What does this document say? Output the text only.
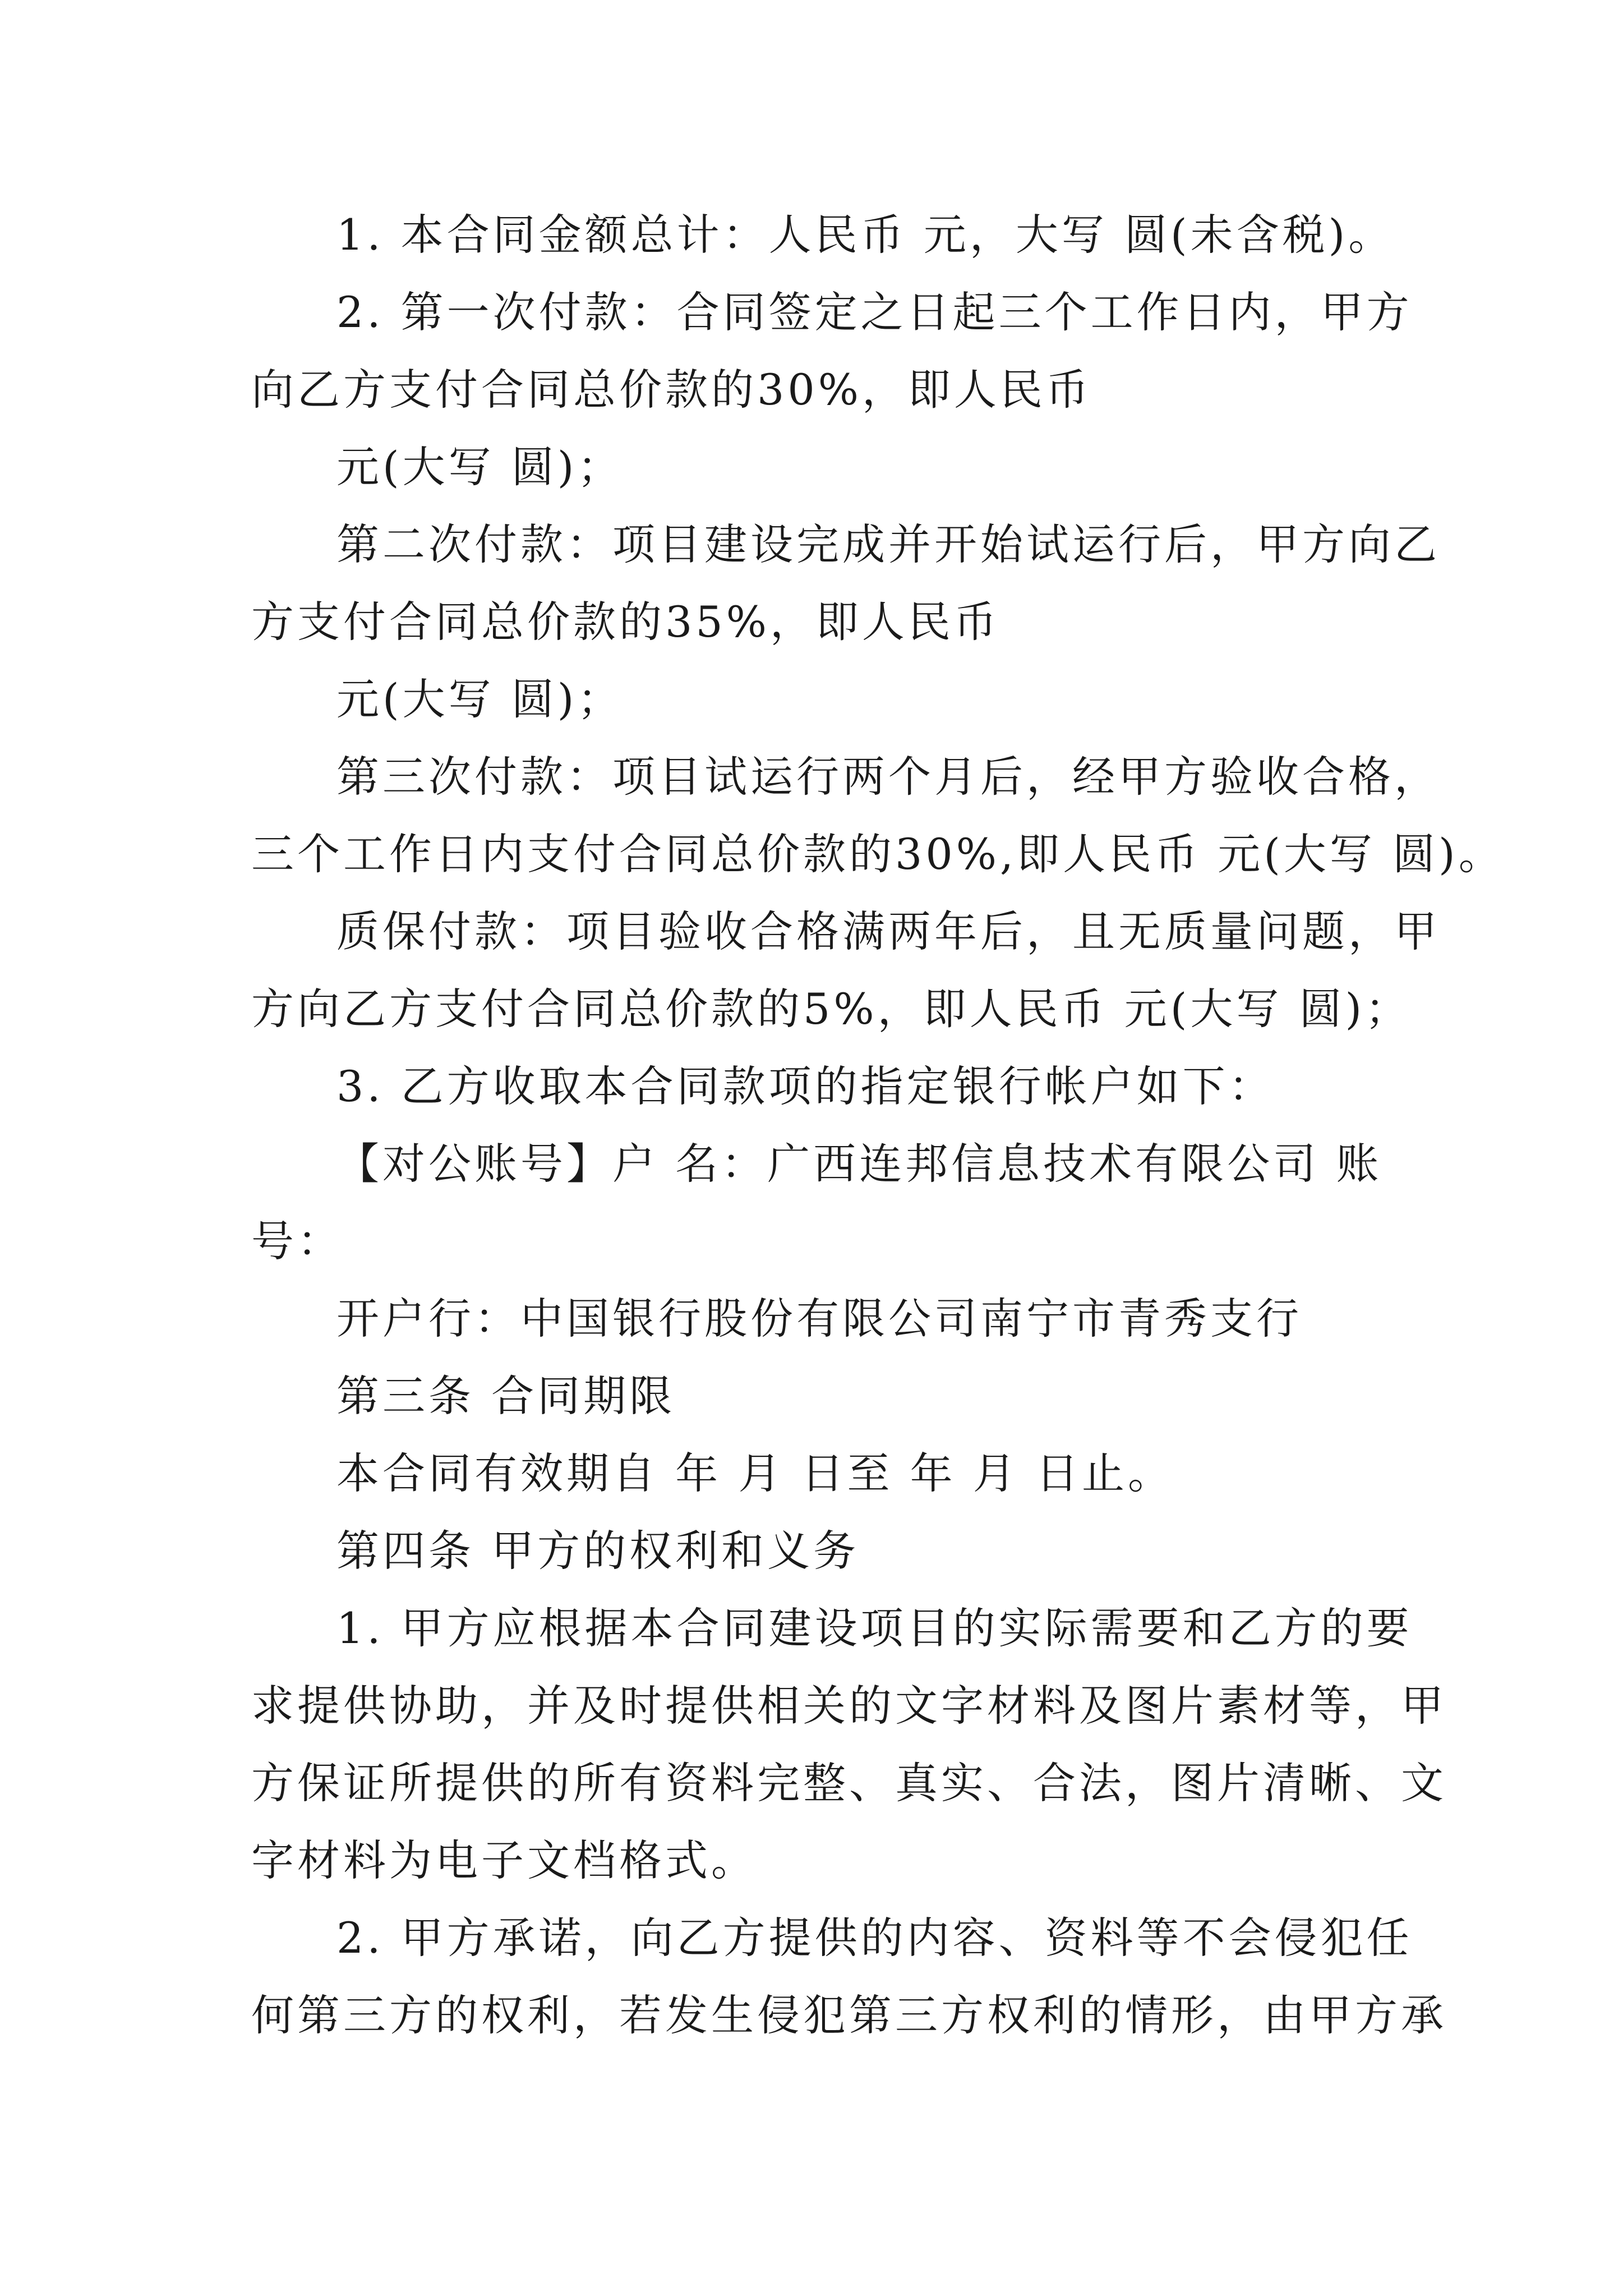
1. 本合同金额总计：人民币 元，大写 圆(未含税)。
2. 第一次付款：合同签定之日起三个工作日内，甲方
向乙方支付合同总价款的30%，即人民币
元(大写 圆)；
第二次付款：项目建设完成并开始试运行后，甲方向乙
方支付合同总价款的35%，即人民币
元(大写 圆)；
第三次付款：项目试运行两个月后，经甲方验收合格，
三个工作日内支付合同总价款的30%,即人民币 元(大写 圆)。
质保付款：项目验收合格满两年后，且无质量问题，甲
方向乙方支付合同总价款的5%，即人民币 元(大写 圆)；
3. 乙方收取本合同款项的指定银行帐户如下：
【对公账号】户 名：广西连邦信息技术有限公司 账
号：
开户行：中国银行股份有限公司南宁市青秀支行
第三条 合同期限
本合同有效期自 年 月 日至 年 月 日止。
第四条 甲方的权利和义务
1. 甲方应根据本合同建设项目的实际需要和乙方的要
求提供协助，并及时提供相关的文字材料及图片素材等，甲
方保证所提供的所有资料完整、真实、合法，图片清晰、文
字材料为电子文档格式。
2. 甲方承诺，向乙方提供的内容、资料等不会侵犯任
何第三方的权利，若发生侵犯第三方权利的情形，由甲方承
